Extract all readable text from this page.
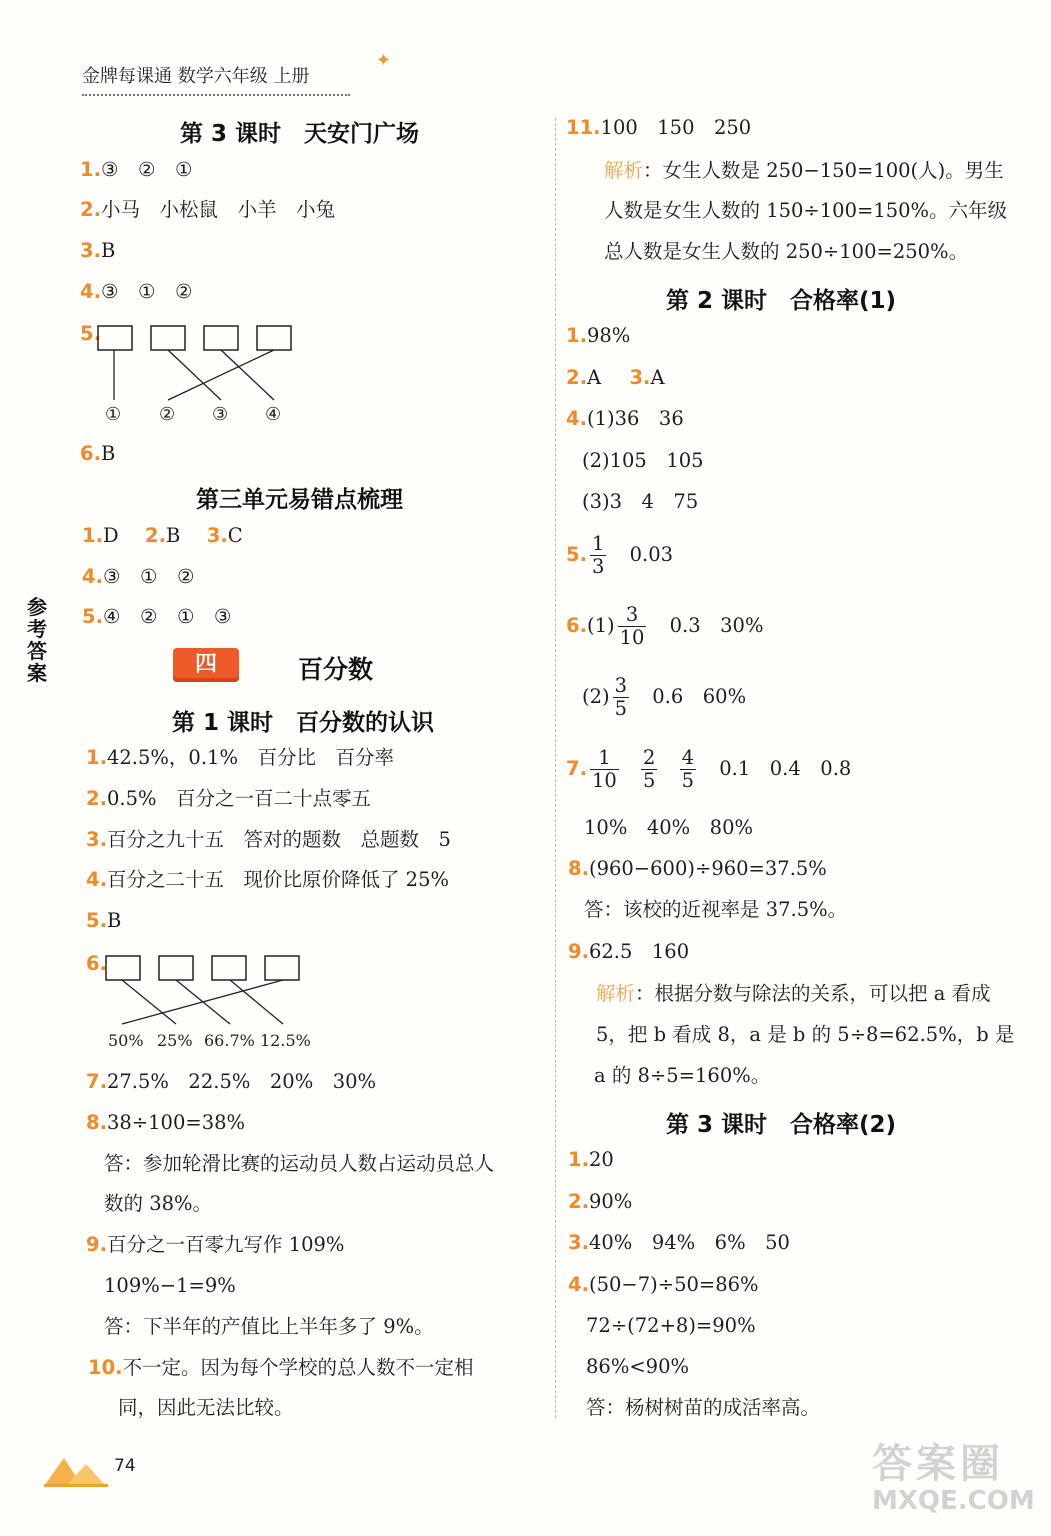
金牌每课通 数学六年级 上册
✦
参考答案
第 3 课时　天安门广场
1.③　②　①
2.小马　小松鼠　小羊　小兔
3.B
4.③　①　②
5.
① ② ③ ④
6.B
第三单元易错点梳理
1.D 2.B 3.C
4.③　①　②
5.④　②　①　③
四	百分数
第 1 课时　百分数的认识
1.42.5%，0.1%　百分比　百分率
2.0.5%　百分之一百二十点零五
3.百分之九十五　答对的题数　总题数　5
4.百分之二十五　现价比原价降低了 25%
5.B
6.
50% 25% 66.7% 12.5%
7.27.5%　22.5%　20%　30%
8.38÷100=38%
答：参加轮滑比赛的运动员人数占运动员总人
数的 38%。
9.百分之一百零九写作 109%
109%−1=9%
答：下半年的产值比上半年多了 9%。
10.不一定。因为每个学校的总人数不一定相
同，因此无法比较。
11.100　150　250
解析：女生人数是 250−150=100(人)。男生
人数是女生人数的 150÷100=150%。六年级
总人数是女生人数的 250÷100=250%。
第 2 课时　合格率(1)
1.98%
2.A 3.A
4.(1)36　36
(2)105　105
(3)3　4　75
5. $\frac{1}{3} 0.03$
$6.(1) \frac{3}{10} 0.3$　30%
$(2) \frac{3}{5} 0.6$　60%
7. $\frac{1}{10}$
$\frac{2}{5}$
$\frac{4}{5} 0.1$　0.4　0.8
10%　40%　80%
8.(960−600)÷960=37.5%
答：该校的近视率是 37.5%。
9.62.5　160
解析：根据分数与除法的关系，可以把 a 看成
5，把 b 看成 8，a 是 b 的 5÷8=62.5%，b 是
a 的 8÷5=160%。
第 3 课时　合格率(2)
1.20
2.90%
3.40%　94%　6%　50
4.(50−7)÷50=86%
72÷(72+8)=90%
86%<90%
答：杨树树苗的成活率高。
74	答案圈
MXQE.COM
